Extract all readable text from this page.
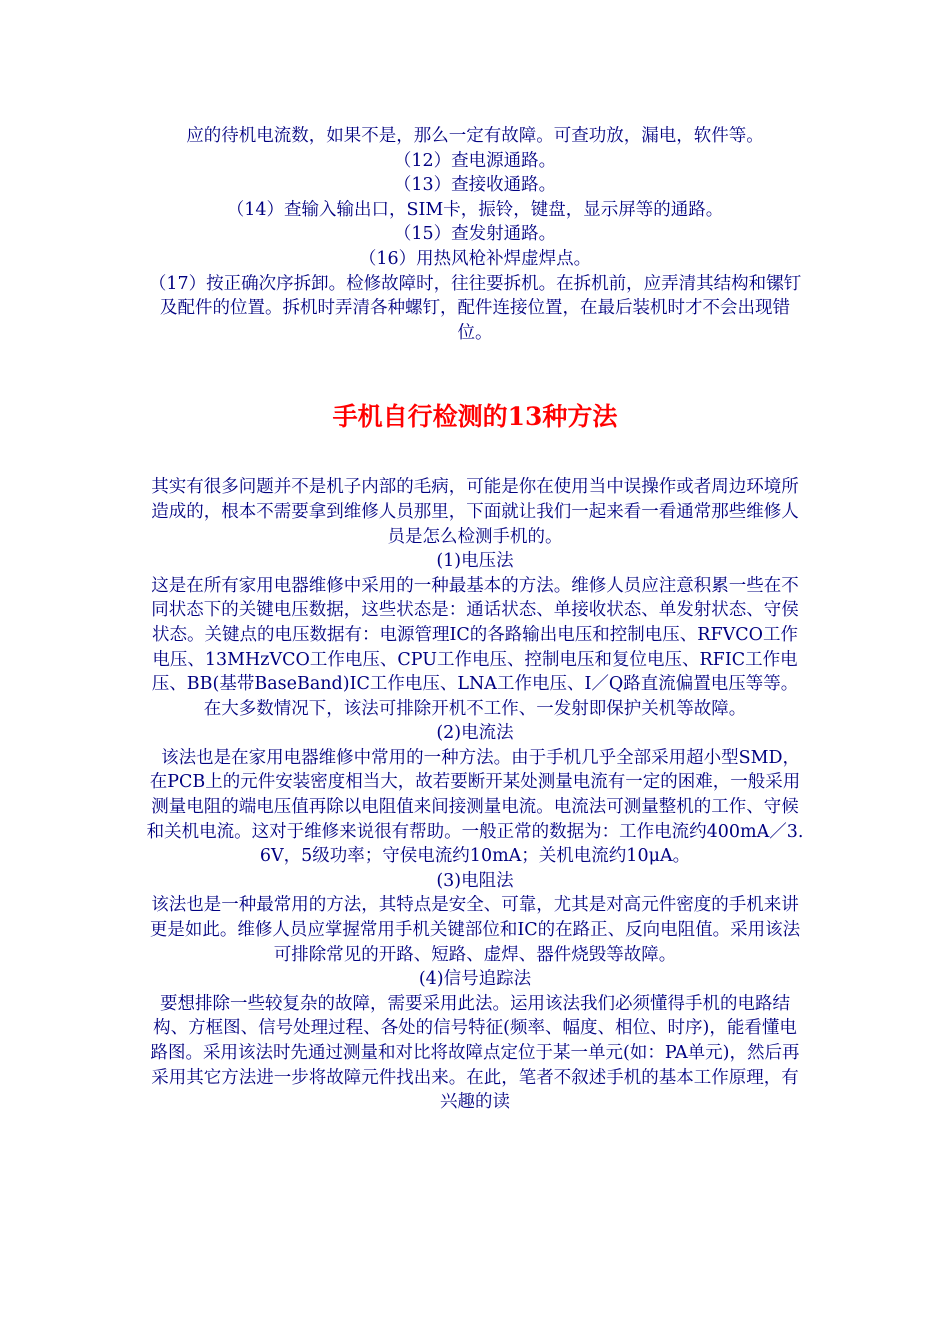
应的待机电流数，如果不是，那么一定有故障。可查功放，漏电，软件等。

（12）查电源通路。

（13）查接收通路。

（14）查输入输出口，SIM卡，振铃，键盘，显示屏等的通路。

（15）查发射通路。

（16）用热风枪补焊虚焊点。

（17）按正确次序拆卸。检修故障时，往往要拆机。在拆机前，应弄清其结构和镙钉及配件的位置。拆机时弄清各种螺钉，配件连接位置，在最后装机时才不会出现错位。

手机自行检测的13种方法

其实有很多问题并不是机子内部的毛病，可能是你在使用当中误操作或者周边环境所造成的，根本不需要拿到维修人员那里，下面就让我们一起来看一看通常那些维修人员是怎么检测手机的。

(1)电压法

这是在所有家用电器维修中采用的一种最基本的方法。维修人员应注意积累一些在不同状态下的关键电压数据，这些状态是：通话状态、单接收状态、单发射状态、守侯状态。关键点的电压数据有：电源管理IC的各路输出电压和控制电压、RFVCO工作电压、13MHzVCO工作电压、CPU工作电压、控制电压和复位电压、RFIC工作电压、BB(基带BaseBand)IC工作电压、LNA工作电压、I／Q路直流偏置电压等等。在大多数情况下，该法可排除开机不工作、一发射即保护关机等故障。

(2)电流法

该法也是在家用电器维修中常用的一种方法。由于手机几乎全部采用超小型SMD，在PCB上的元件安装密度相当大，故若要断开某处测量电流有一定的困难，一般采用测量电阻的端电压值再除以电阻值来间接测量电流。电流法可测量整机的工作、守候和关机电流。这对于维修来说很有帮助。一般正常的数据为：工作电流约400mA／3.6V，5级功率；守侯电流约10mA；关机电流约10μA。

(3)电阻法

该法也是一种最常用的方法，其特点是安全、可靠，尤其是对高元件密度的手机来讲更是如此。维修人员应掌握常用手机关键部位和IC的在路正、反向电阻值。采用该法可排除常见的开路、短路、虚焊、器件烧毁等故障。

(4)信号追踪法

要想排除一些较复杂的故障，需要采用此法。运用该法我们必须懂得手机的电路结构、方框图、信号处理过程、各处的信号特征(频率、幅度、相位、时序)，能看懂电路图。采用该法时先通过测量和对比将故障点定位于某一单元(如：PA单元)，然后再采用其它方法进一步将故障元件找出来。在此，笔者不叙述手机的基本工作原理，有兴趣的读
